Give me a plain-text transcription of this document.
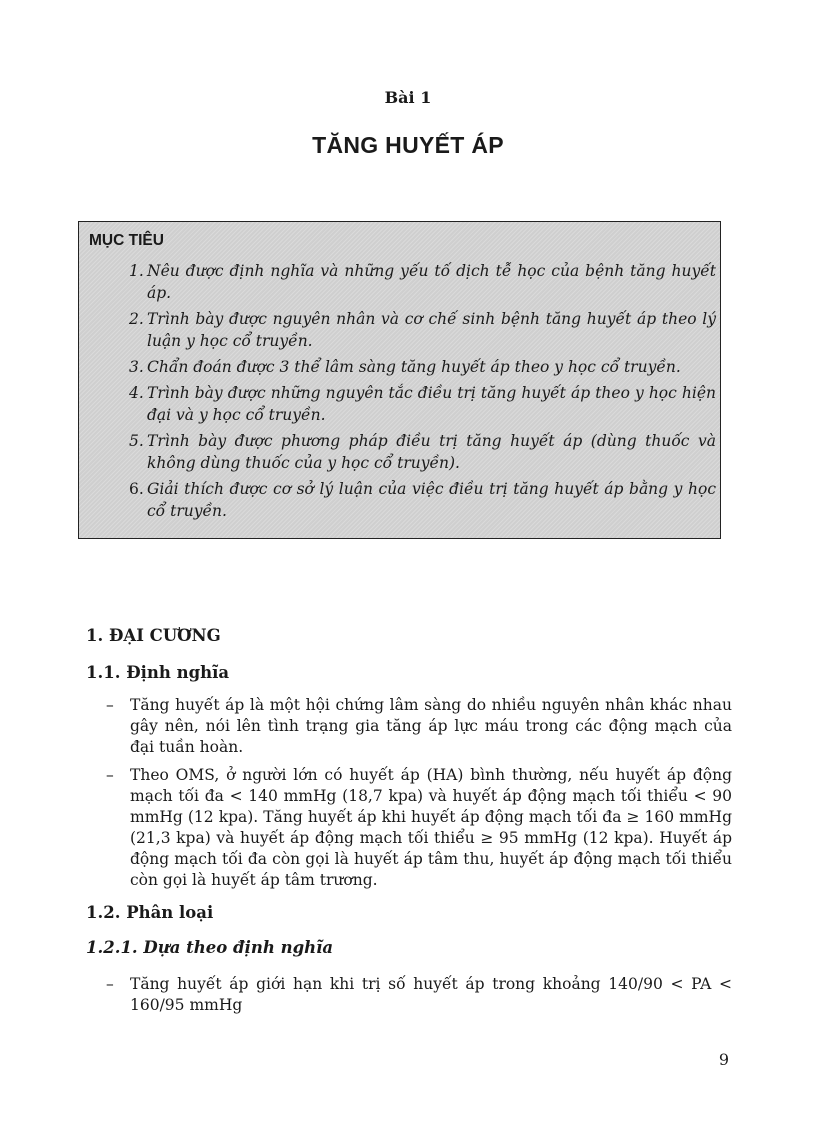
Bài 1
TĂNG HUYẾT ÁP
MỤC TIÊU
1. Nêu được định nghĩa và những yếu tố dịch tễ học của bệnh tăng huyết áp.
2. Trình bày được nguyên nhân và cơ chế sinh bệnh tăng huyết áp theo lý luận y học cổ truyền.
3. Chẩn đoán được 3 thể lâm sàng tăng huyết áp theo y học cổ truyền.
4. Trình bày được những nguyên tắc điều trị tăng huyết áp theo y học hiện đại và y học cổ truyền.
5. Trình bày được phương pháp điều trị tăng huyết áp (dùng thuốc và không dùng thuốc của y học cổ truyền).
6. Giải thích được cơ sở lý luận của việc điều trị tăng huyết áp bằng y học cổ truyền.
1. ĐẠI CƯƠNG
1.1. Định nghĩa
– Tăng huyết áp là một hội chứng lâm sàng do nhiều nguyên nhân khác nhau gây nên, nói lên tình trạng gia tăng áp lực máu trong các động mạch của đại tuần hoàn.
– Theo OMS, ở người lớn có huyết áp (HA) bình thường, nếu huyết áp động mạch tối đa < 140 mmHg (18,7 kpa) và huyết áp động mạch tối thiểu < 90 mmHg (12 kpa). Tăng huyết áp khi huyết áp động mạch tối đa ≥ 160 mmHg (21,3 kpa) và huyết áp động mạch tối thiểu ≥ 95 mmHg (12 kpa). Huyết áp động mạch tối đa còn gọi là huyết áp tâm thu, huyết áp động mạch tối thiểu còn gọi là huyết áp tâm trương.
1.2. Phân loại
1.2.1. Dựa theo định nghĩa
– Tăng huyết áp giới hạn khi trị số huyết áp trong khoảng 140/90 < PA < 160/95 mmHg
9
